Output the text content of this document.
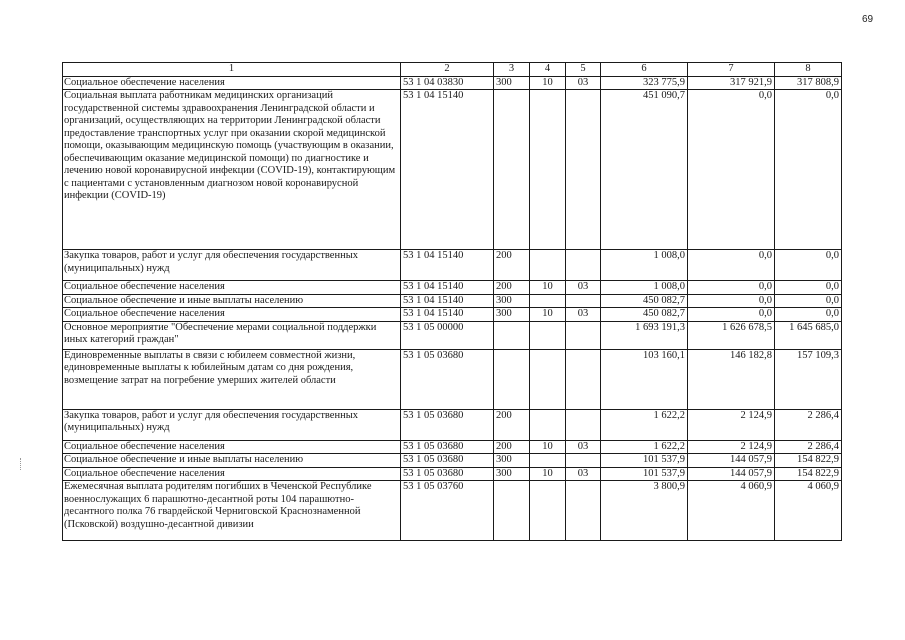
69
1	2	3	4	5	6	7	8
Социальное обеспечение населения	53 1 04 03830	300	10	03	323 775,9	317 921,9	317 808,9
Социальная выплата работникам медицинских организаций государственной системы здравоохранения Ленинградской области и организаций, осуществляющих на территории Ленинградской области предоставление транспортных услуг при оказании скорой медицинской помощи, оказывающим медицинскую помощь (участвующим в оказании, обеспечивающим оказание медицинской помощи) по диагностике и лечению новой коронавирусной инфекции (COVID-19), контактирующим с пациентами с установленным диагнозом новой коронавирусной инфекции (COVID-19)	53 1 04 15140				451 090,7	0,0	0,0
Закупка товаров, работ и услуг для обеспечения государственных (муниципальных) нужд	53 1 04 15140	200			1 008,0	0,0	0,0
Социальное обеспечение населения	53 1 04 15140	200	10	03	1 008,0	0,0	0,0
Социальное обеспечение и иные выплаты населению	53 1 04 15140	300			450 082,7	0,0	0,0
Социальное обеспечение населения	53 1 04 15140	300	10	03	450 082,7	0,0	0,0
Основное мероприятие "Обеспечение мерами социальной поддержки иных категорий граждан"	53 1 05 00000				1 693 191,3	1 626 678,5	1 645 685,0
Единовременные выплаты в связи с юбилеем совместной жизни, единовременные выплаты к юбилейным датам со дня рождения, возмещение затрат на погребение умерших жителей области	53 1 05 03680				103 160,1	146 182,8	157 109,3
Закупка товаров, работ и услуг для обеспечения государственных (муниципальных) нужд	53 1 05 03680	200			1 622,2	2 124,9	2 286,4
Социальное обеспечение населения	53 1 05 03680	200	10	03	1 622,2	2 124,9	2 286,4
Социальное обеспечение и иные выплаты населению	53 1 05 03680	300			101 537,9	144 057,9	154 822,9
Социальное обеспечение населения	53 1 05 03680	300	10	03	101 537,9	144 057,9	154 822,9
Ежемесячная выплата родителям погибших в Чеченской Республике военнослужащих 6 парашютно-десантной роты 104 парашютно-десантного полка 76 гвардейской Черниговской Краснознаменной (Псковской) воздушно-десантной дивизии	53 1 05 03760				3 800,9	4 060,9	4 060,9
